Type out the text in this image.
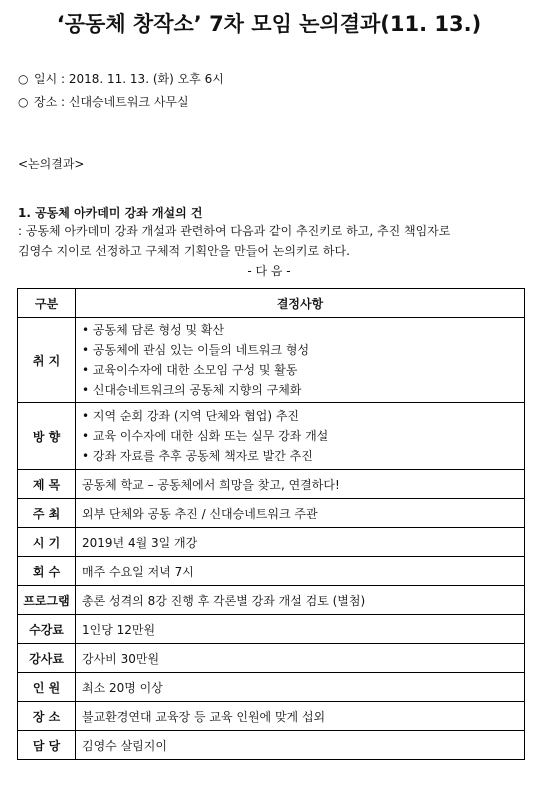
‘공동체 창작소’ 7차 모임 논의결과(11. 13.)
○ 일시 : 2018. 11. 13. (화) 오후 6시
○ 장소 : 신대승네트워크 사무실
<논의결과>
1. 공동체 아카데미 강좌 개설의 건
: 공동체 아카데미 강좌 개설과 관련하여 다음과 같이 추진키로 하고, 추진 책임자로
김영수 지이로 선정하고 구체적 기획안을 만들어 논의키로 하다.
- 다 음 -
구분	결정사항
취 지	• 공동체 담론 형성 및 확산
• 공동체에 관심 있는 이들의 네트워크 형성
• 교육이수자에 대한 소모임 구성 및 활동
• 신대승네트워크의 공동체 지향의 구체화

방 향	• 지역 순회 강좌 (지역 단체와 협업) 추진
• 교육 이수자에 대한 심화 또는 실무 강좌 개설
• 강좌 자료를 추후 공동체 책자로 발간 추진

제 목	공동체 학교 – 공동체에서 희망을 찾고, 연결하다!
주 최	외부 단체와 공동 추진 / 신대승네트워크 주관
시 기	2019년 4월 3일 개강
회 수	매주 수요일 저녁 7시
프로그램	총론 성격의 8강 진행 후 각론별 강좌 개설 검토 (별첨)
수강료	1인당 12만원
강사료	강사비 30만원
인 원	최소 20명 이상
장 소	불교환경연대 교육장 등 교육 인원에 맞게 섭외
담 당	김영수 살림지이
